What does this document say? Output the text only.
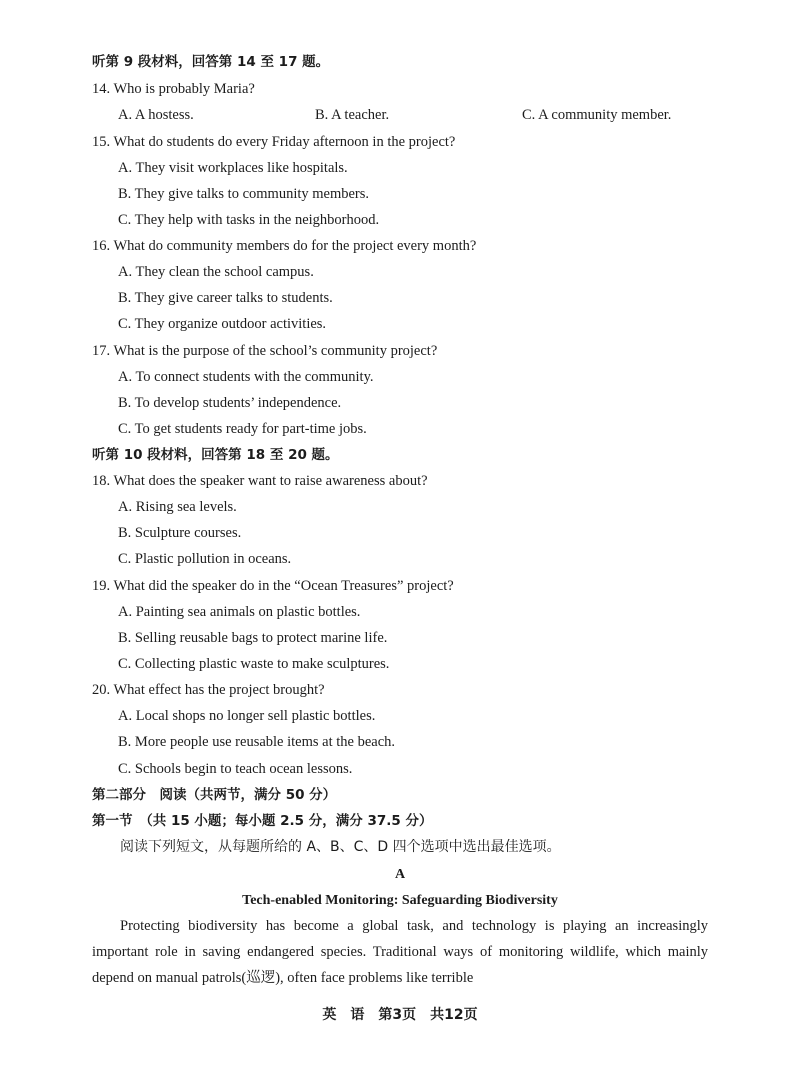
听第 9 段材料，回答第 14 至 17 题。
14. Who is probably Maria?
A. A hostess.	B. A teacher.	C. A community member.
15. What do students do every Friday afternoon in the project?
A. They visit workplaces like hospitals.
B. They give talks to community members.
C. They help with tasks in the neighborhood.
16. What do community members do for the project every month?
A. They clean the school campus.
B. They give career talks to students.
C. They organize outdoor activities.
17. What is the purpose of the school’s community project?
A. To connect students with the community.
B. To develop students’ independence.
C. To get students ready for part-time jobs.
听第 10 段材料，回答第 18 至 20 题。
18. What does the speaker want to raise awareness about?
A. Rising sea levels.
B. Sculpture courses.
C. Plastic pollution in oceans.
19. What did the speaker do in the “Ocean Treasures” project?
A. Painting sea animals on plastic bottles.
B. Selling reusable bags to protect marine life.
C. Collecting plastic waste to make sculptures.
20. What effect has the project brought?
A. Local shops no longer sell plastic bottles.
B. More people use reusable items at the beach.
C. Schools begin to teach ocean lessons.
第二部分　阅读（共两节，满分 50 分）
第一节　（共 15 小题；每小题 2.5 分，满分 37.5 分）
阅读下列短文，从每题所给的 A、B、C、D 四个选项中选出最佳选项。
A
Tech-enabled Monitoring: Safeguarding Biodiversity
Protecting biodiversity has become a global task, and technology is playing an increasingly important role in saving endangered species. Traditional ways of monitoring wildlife, which mainly depend on manual patrols(巡逻), often face problems like terrible
英　语　第3页　共12页
